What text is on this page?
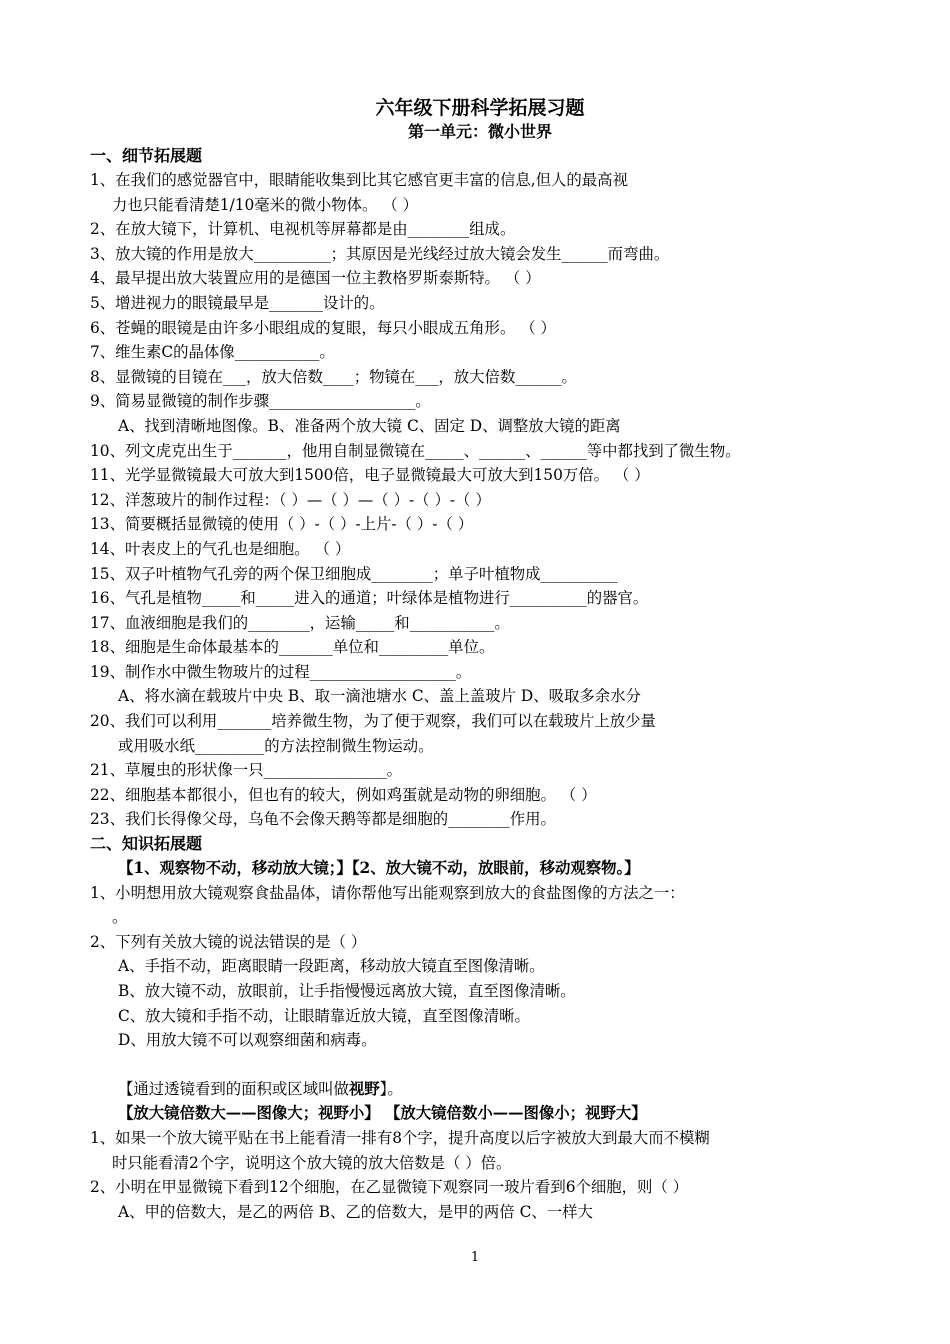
六年级下册科学拓展习题
第一单元：微小世界
一、细节拓展题
1、在我们的感觉器官中，眼睛能收集到比其它感官更丰富的信息,但人的最高视
力也只能看清楚1/10毫米的微小物体。 （ ）
2、在放大镜下，计算机、电视机等屏幕都是由________组成。
3、放大镜的作用是放大__________；其原因是光线经过放大镜会发生______而弯曲。
4、最早提出放大装置应用的是德国一位主教格罗斯泰斯特。 （ ）
5、增进视力的眼镜最早是_______设计的。
6、苍蝇的眼镜是由许多小眼组成的复眼，每只小眼成五角形。 （ ）
7、维生素C的晶体像___________。
8、显微镜的目镜在___，放大倍数____；物镜在___，放大倍数______。
9、简易显微镜的制作步骤___________________。
A、找到清晰地图像。B、准备两个放大镜 C、固定 D、调整放大镜的距离
10、列文虎克出生于_______，他用自制显微镜在_____、______、______等中都找到了微生物。
11、光学显微镜最大可放大到1500倍，电子显微镜最大可放大到150万倍。 （ ）
12、洋葱玻片的制作过程：（ ）—（ ）—（ ）-（ ）-（ ）
13、简要概括显微镜的使用（ ）-（ ）-上片-（ ）-（ ）
14、叶表皮上的气孔也是细胞。 （ ）
15、双子叶植物气孔旁的两个保卫细胞成________；单子叶植物成__________
16、气孔是植物_____和_____进入的通道；叶绿体是植物进行__________的器官。
17、血液细胞是我们的________，运输_____和___________。
18、细胞是生命体最基本的_______单位和_________单位。
19、制作水中微生物玻片的过程___________________。
A、将水滴在载玻片中央 B、取一滴池塘水 C、盖上盖玻片 D、吸取多余水分
20、我们可以利用_______培养微生物，为了便于观察，我们可以在载玻片上放少量
或用吸水纸_________的方法控制微生物运动。
21、草履虫的形状像一只________________。
22、细胞基本都很小，但也有的较大，例如鸡蛋就是动物的卵细胞。 （ ）
23、我们长得像父母，乌龟不会像天鹅等都是细胞的________作用。
二、知识拓展题
【1、观察物不动，移动放大镜；】【2、放大镜不动，放眼前，移动观察物。】
1、小明想用放大镜观察食盐晶体，请你帮他写出能观察到放大的食盐图像的方法之一：
。
2、下列有关放大镜的说法错误的是（ ）
A、手指不动，距离眼睛一段距离，移动放大镜直至图像清晰。
B、放大镜不动，放眼前，让手指慢慢远离放大镜，直至图像清晰。
C、放大镜和手指不动，让眼睛靠近放大镜，直至图像清晰。
D、用放大镜不可以观察细菌和病毒。
【通过透镜看到的面积或区域叫做视野】。
【放大镜倍数大——图像大；视野小】 【放大镜倍数小——图像小；视野大】
1、如果一个放大镜平贴在书上能看清一排有8个字，提升高度以后字被放大到最大而不模糊
时只能看清2个字，说明这个放大镜的放大倍数是（ ）倍。
2、小明在甲显微镜下看到12个细胞，在乙显微镜下观察同一玻片看到6个细胞，则（ ）
A、甲的倍数大，是乙的两倍 B、乙的倍数大，是甲的两倍 C、一样大
1
